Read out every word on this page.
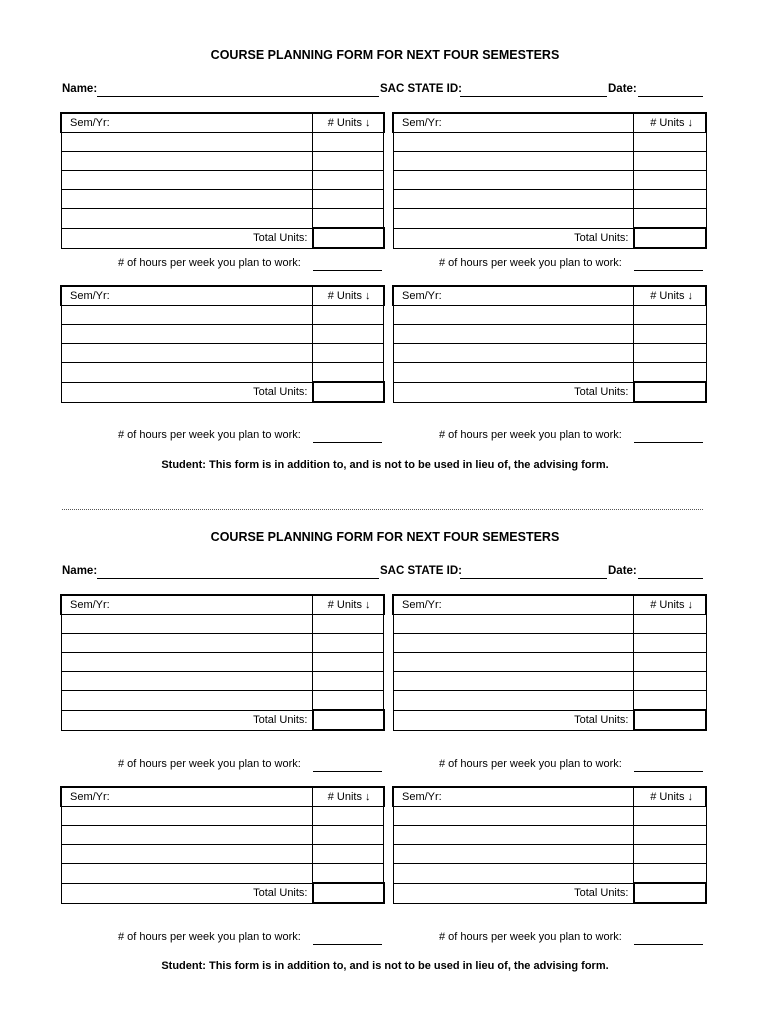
COURSE PLANNING FORM FOR NEXT FOUR SEMESTERS
Name:	SAC STATE ID:	Date:
Sem/Yr:	# Units ↓

Total Units:	
# of hours per week you plan to work:
Sem/Yr:	# Units ↓

Total Units:	
# of hours per week you plan to work:
Sem/Yr:	# Units ↓

Total Units:	
# of hours per week you plan to work:
Sem/Yr:	# Units ↓

Total Units:	
# of hours per week you plan to work:
Student: This form is in addition to, and is not to be used in lieu of, the advising form.
COURSE PLANNING FORM FOR NEXT FOUR SEMESTERS
Name:	SAC STATE ID:	Date:
Sem/Yr:	# Units ↓

Total Units:	
# of hours per week you plan to work:
Sem/Yr:	# Units ↓

Total Units:	
# of hours per week you plan to work:
Sem/Yr:	# Units ↓

Total Units:	
# of hours per week you plan to work:
Sem/Yr:	# Units ↓

Total Units:	
# of hours per week you plan to work:
Student: This form is in addition to, and is not to be used in lieu of, the advising form.
